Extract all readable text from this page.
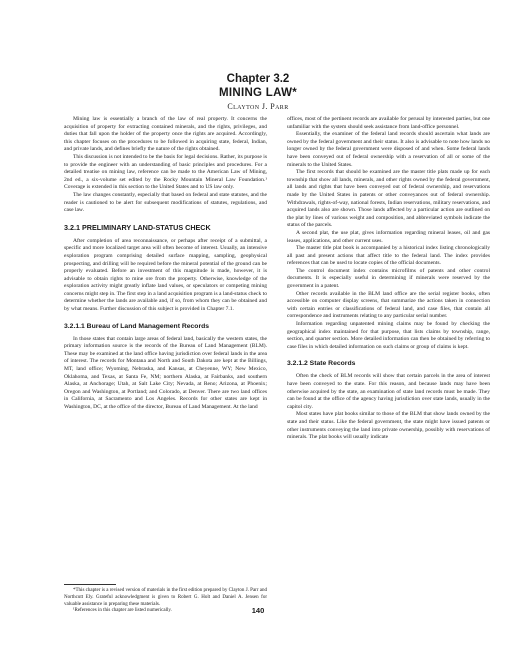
Chapter 3.2
MINING LAW*
Clayton J. Parr

Mining law is essentially a branch of the law of real property. It concerns the acquisition of property for extracting contained minerals, and the rights, privileges, and duties that fall upon the holder of the property once the rights are acquired. Accordingly, this chapter focuses on the procedures to be followed in acquiring state, federal, Indian, and private lands, and defines briefly the nature of the rights obtained.

This discussion is not intended to be the basis for legal decisions. Rather, its purpose is to provide the engineer with an understanding of basic principles and procedures. For a detailed treatise on mining law, reference can be made to the American Law of Mining, 2nd ed., a six-volume set edited by the Rocky Mountain Mineral Law Foundation.¹ Coverage is extended in this section to the United States and to US law only.

The law changes constantly, especially that based on federal and state statutes, and the reader is cautioned to be alert for subsequent modifications of statutes, regulations, and case law.

3.2.1 PRELIMINARY LAND-STATUS CHECK

After completion of area reconnaissance, or perhaps after receipt of a submittal, a specific and more localized target area will often become of interest. Usually, an intensive exploration program comprising detailed surface mapping, sampling, geophysical prospecting, and drilling will be required before the mineral potential of the ground can be properly evaluated. Before an investment of this magnitude is made, however, it is advisable to obtain rights to mine ore from the property. Otherwise, knowledge of the exploration activity might greatly inflate land values, or speculators or competing mining concerns might step in. The first step in a land acquisition program is a land-status check to determine whether the lands are available and, if so, from whom they can be obtained and by what means. Further discussion of this subject is provided in Chapter 7.1.

3.2.1.1 Bureau of Land Management Records

In those states that contain large areas of federal land, basically the western states, the primary information source is the records of the Bureau of Land Management (BLM). These may be examined at the land office having jurisdiction over federal lands in the area of interest. The records for Montana and North and South Dakota are kept at the Billings, MT, land office; Wyoming, Nebraska, and Kansas, at Cheyenne, WY; New Mexico, Oklahoma, and Texas, at Santa Fe, NM; northern Alaska, at Fairbanks, and southern Alaska, at Anchorage; Utah, at Salt Lake City; Nevada, at Reno; Arizona, at Phoenix; Oregon and Washington, at Portland; and Colorado, at Denver. There are two land offices in California, at Sacramento and Los Angeles. Records for other states are kept in Washington, DC, at the office of the director, Bureau of Land Management. At the land

*This chapter is a revised version of materials in the first edition prepared by Clayton J. Parr and Northcutt Ely. Grateful acknowledgment is given to Robert G. Holt and Daniel A. Jensen for valuable assistance in preparing these materials.

¹References in this chapter are listed numerically.

offices, most of the pertinent records are available for perusal by interested parties, but one unfamiliar with the system should seek assistance from land-office personnel.

Essentially, the examiner of the federal land records should ascertain what lands are owned by the federal government and their status. It also is advisable to note how lands no longer owned by the federal government were disposed of and when. Some federal lands have been conveyed out of federal ownership with a reservation of all or some of the minerals to the United States.

The first records that should be examined are the master title plats made up for each township that show all lands, minerals, and other rights owned by the federal government, all lands and rights that have been conveyed out of federal ownership, and reservations made by the United States in patents or other conveyances out of federal ownership. Withdrawals, rights-of-way, national forests, Indian reservations, military reservations, and acquired lands also are shown. Those lands affected by a particular action are outlined on the plat by lines of various weight and composition, and abbreviated symbols indicate the status of the parcels.

A second plat, the use plat, gives information regarding mineral leases, oil and gas leases, applications, and other current uses.

The master title plat book is accompanied by a historical index listing chronologically all past and present actions that affect title to the federal land. The index provides references that can be used to locate copies of the official documents.

The control document index contains microfilms of patents and other control documents. It is especially useful in determining if minerals were reserved by the government in a patent.

Other records available in the BLM land office are the serial register books, often accessible on computer display screens, that summarize the actions taken in connection with certain entries or classifications of federal land, and case files, that contain all correspondence and instruments relating to any particular serial number.

Information regarding unpatented mining claims may be found by checking the geographical index maintained for that purpose, that lists claims by township, range, section, and quarter section. More detailed information can then be obtained by referring to case files in which detailed information on such claims or group of claims is kept.

3.2.1.2 State Records

Often the check of BLM records will show that certain parcels in the area of interest have been conveyed to the state. For this reason, and because lands may have been otherwise acquired by the state, an examination of state land records must be made. They can be found at the office of the agency having jurisdiction over state lands, usually in the capitol city.

Most states have plat books similar to those of the BLM that show lands owned by the state and their status. Like the federal government, the state might have issued patents or other instruments conveying the land into private ownership, possibly with reservations of minerals. The plat books will usually indicate

140
